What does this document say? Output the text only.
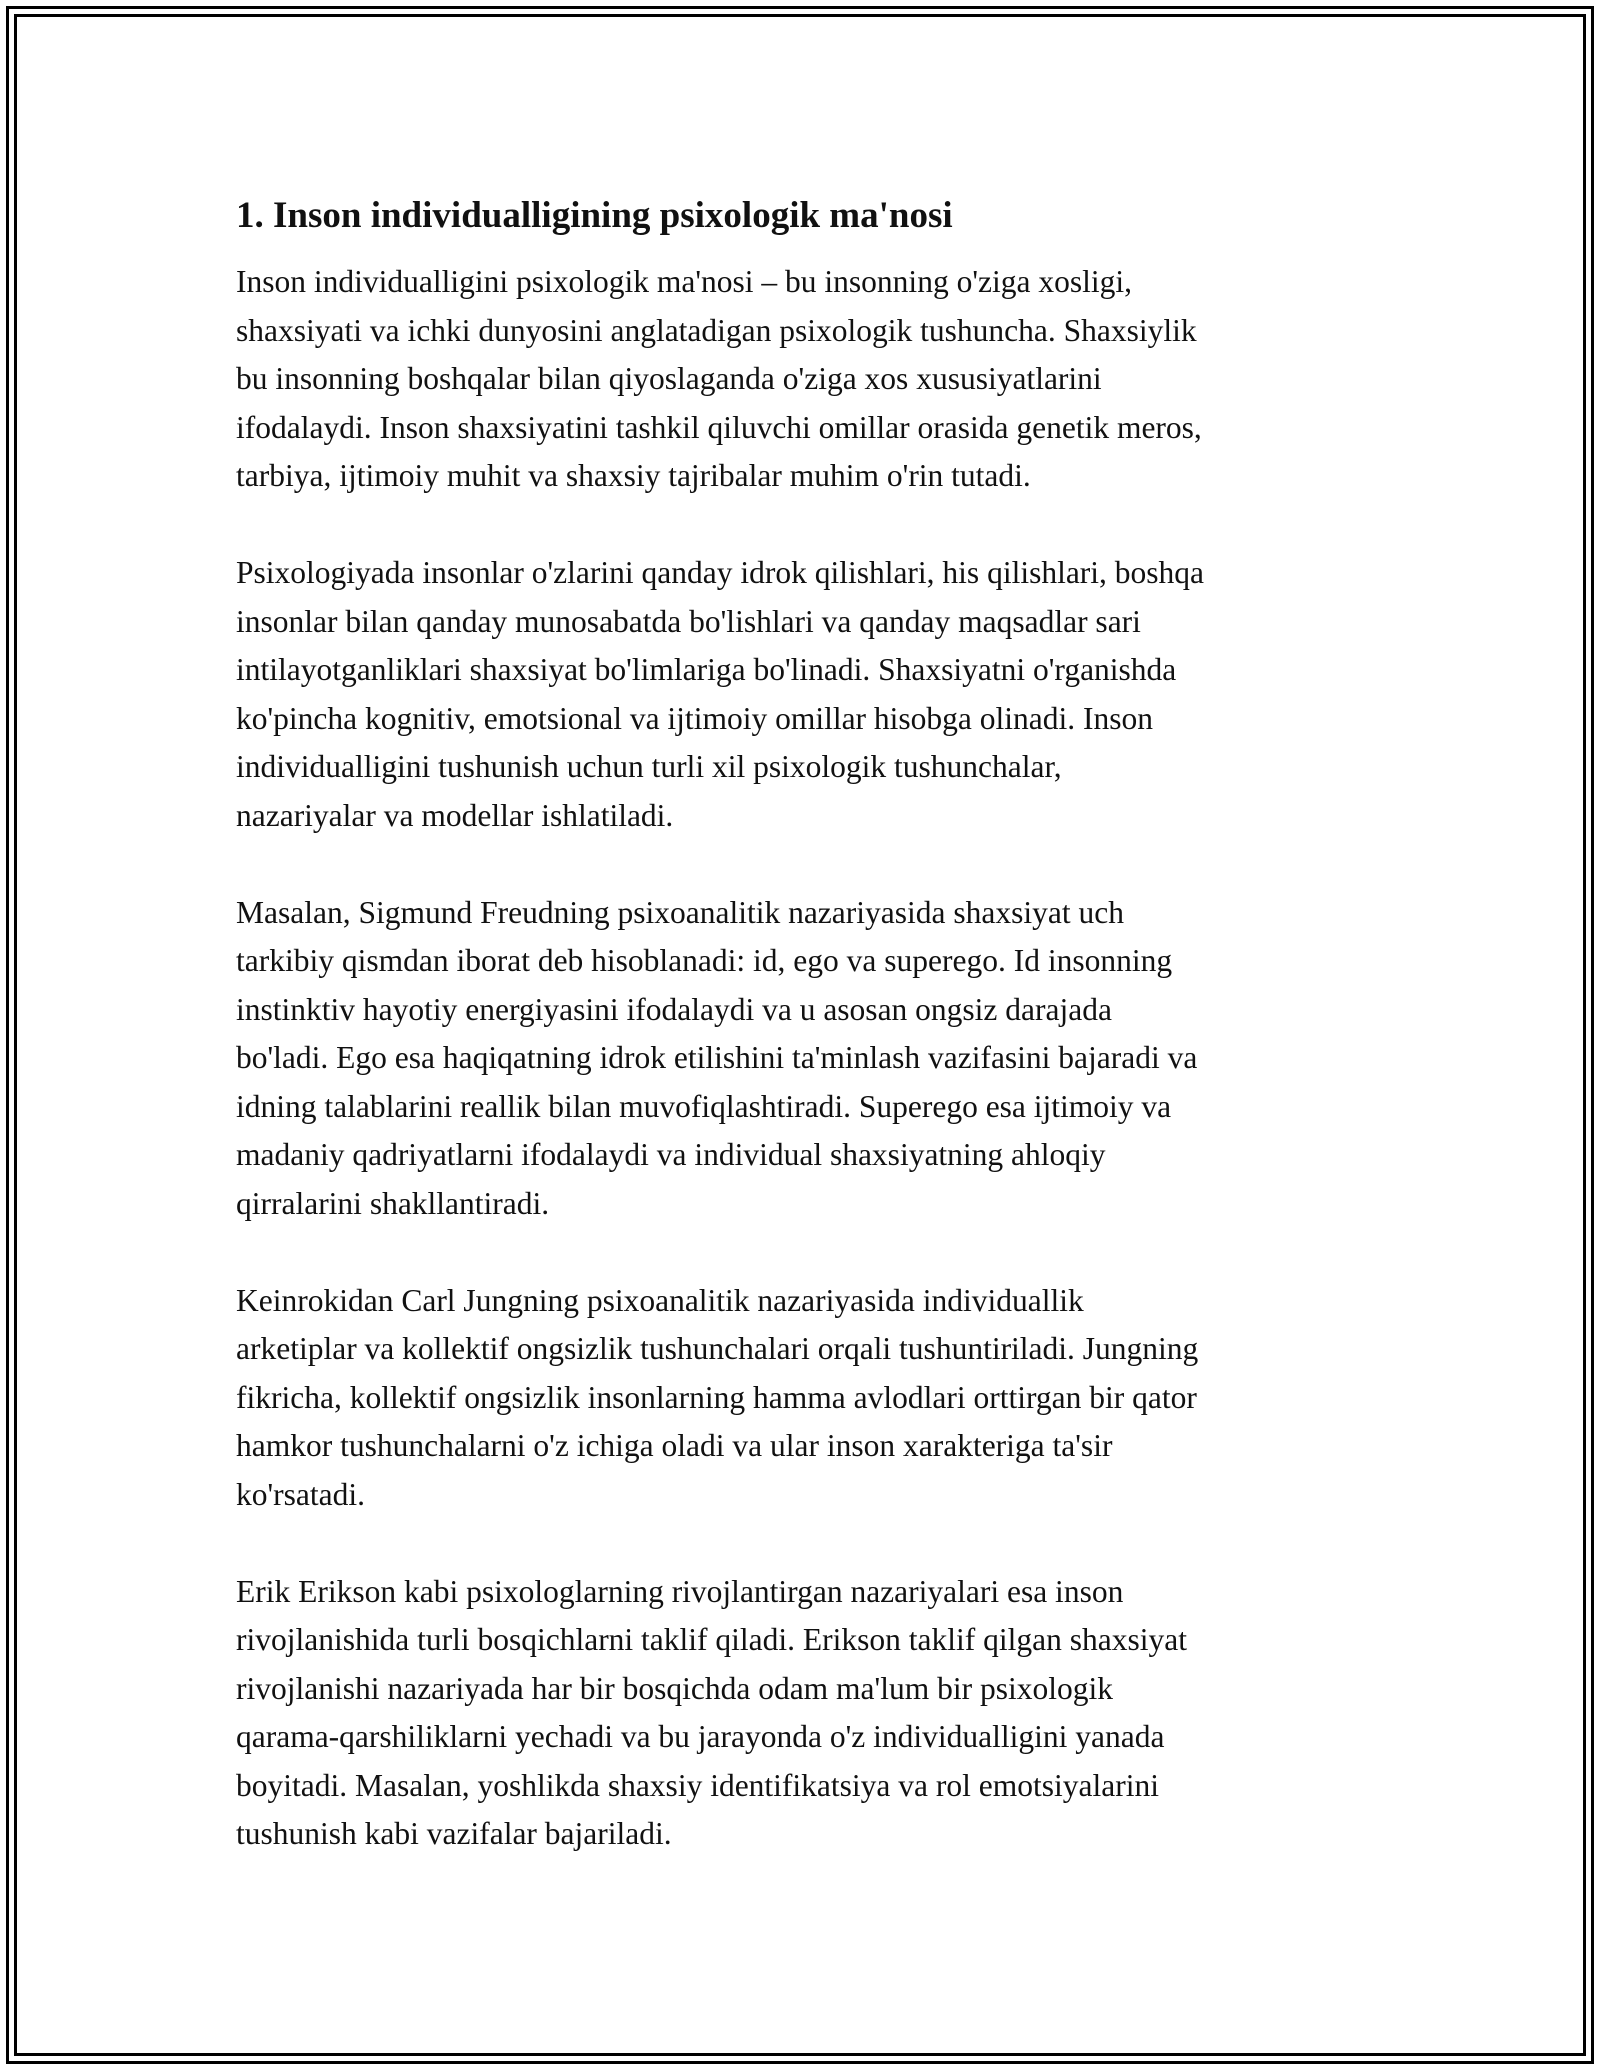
1. Inson individualligining psixologik ma'nosi

Inson individualligini psixologik ma'nosi – bu insonning o'ziga xosligi,
shaxsiyati va ichki dunyosini anglatadigan psixologik tushuncha. Shaxsiylik
bu insonning boshqalar bilan qiyoslaganda o'ziga xos xususiyatlarini
ifodalaydi. Inson shaxsiyatini tashkil qiluvchi omillar orasida genetik meros,
tarbiya, ijtimoiy muhit va shaxsiy tajribalar muhim o'rin tutadi.

Psixologiyada insonlar o'zlarini qanday idrok qilishlari, his qilishlari, boshqa
insonlar bilan qanday munosabatda bo'lishlari va qanday maqsadlar sari
intilayotganliklari shaxsiyat bo'limlariga bo'linadi. Shaxsiyatni o'rganishda
ko'pincha kognitiv, emotsional va ijtimoiy omillar hisobga olinadi. Inson
individualligini tushunish uchun turli xil psixologik tushunchalar,
nazariyalar va modellar ishlatiladi.

Masalan, Sigmund Freudning psixoanalitik nazariyasida shaxsiyat uch
tarkibiy qismdan iborat deb hisoblanadi: id, ego va superego. Id insonning
instinktiv hayotiy energiyasini ifodalaydi va u asosan ongsiz darajada
bo'ladi. Ego esa haqiqatning idrok etilishini ta'minlash vazifasini bajaradi va
idning talablarini reallik bilan muvofiqlashtiradi. Superego esa ijtimoiy va
madaniy qadriyatlarni ifodalaydi va individual shaxsiyatning ahloqiy
qirralarini shakllantiradi.

Keinrokidan Carl Jungning psixoanalitik nazariyasida individuallik
arketiplar va kollektif ongsizlik tushunchalari orqali tushuntiriladi. Jungning
fikricha, kollektif ongsizlik insonlarning hamma avlodlari orttirgan bir qator
hamkor tushunchalarni o'z ichiga oladi va ular inson xarakteriga ta'sir
ko'rsatadi.

Erik Erikson kabi psixologlarning rivojlantirgan nazariyalari esa inson
rivojlanishida turli bosqichlarni taklif qiladi. Erikson taklif qilgan shaxsiyat
rivojlanishi nazariyada har bir bosqichda odam ma'lum bir psixologik
qarama-qarshiliklarni yechadi va bu jarayonda o'z individualligini yanada
boyitadi. Masalan, yoshlikda shaxsiy identifikatsiya va rol emotsiyalarini
tushunish kabi vazifalar bajariladi.
